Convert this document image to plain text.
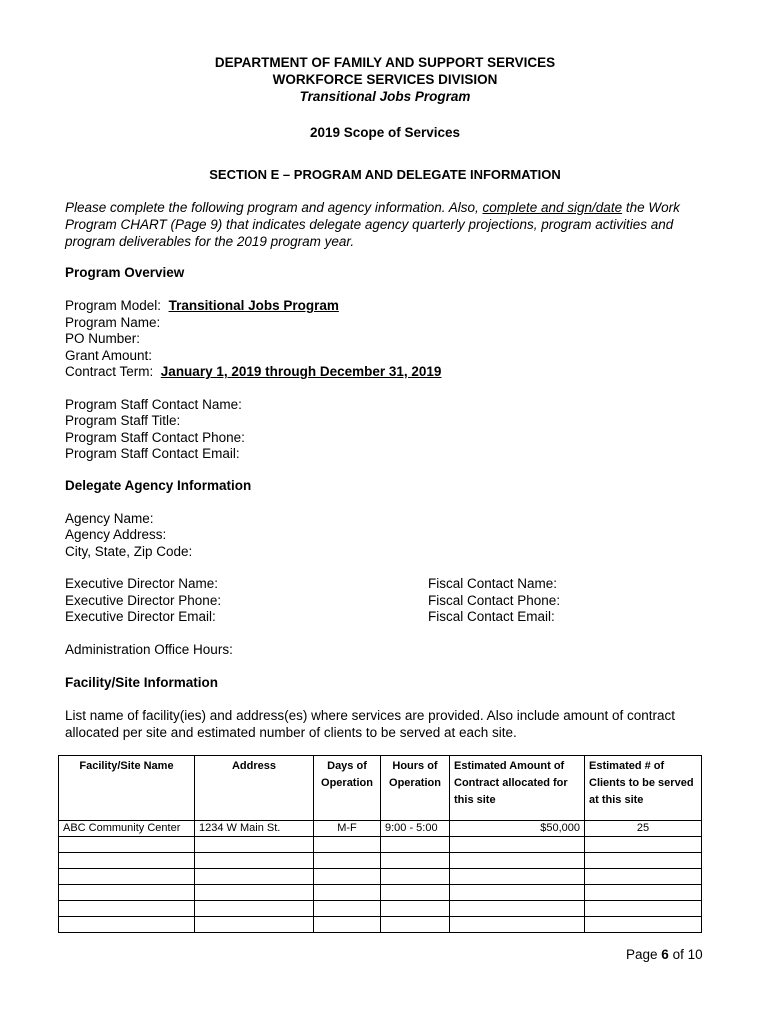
DEPARTMENT OF FAMILY AND SUPPORT SERVICES
WORKFORCE SERVICES DIVISION
Transitional Jobs Program
2019 Scope of Services
SECTION E – PROGRAM AND DELEGATE INFORMATION
Please complete the following program and agency information. Also, complete and sign/date the Work Program CHART (Page 9) that indicates delegate agency quarterly projections, program activities and program deliverables for the 2019 program year.
Program Overview
Program Model: Transitional Jobs Program
Program Name:
PO Number:
Grant Amount:
Contract Term: January 1, 2019 through December 31, 2019
Program Staff Contact Name:
Program Staff Title:
Program Staff Contact Phone:
Program Staff Contact Email:
Delegate Agency Information
Agency Name:
Agency Address:
City, State, Zip Code:
Executive Director Name:
Executive Director Phone:
Executive Director Email:
Fiscal Contact Name:
Fiscal Contact Phone:
Fiscal Contact Email:
Administration Office Hours:
Facility/Site Information
List name of facility(ies) and address(es) where services are provided. Also include amount of contract allocated per site and estimated number of clients to be served at each site.
Facility/Site Name	Address	Days of Operation	Hours of Operation	Estimated Amount of Contract allocated for this site	Estimated # of Clients to be served at this site
ABC Community Center	1234 W Main St.	M-F	9:00 - 5:00	$50,000	25

Page 6 of 10
